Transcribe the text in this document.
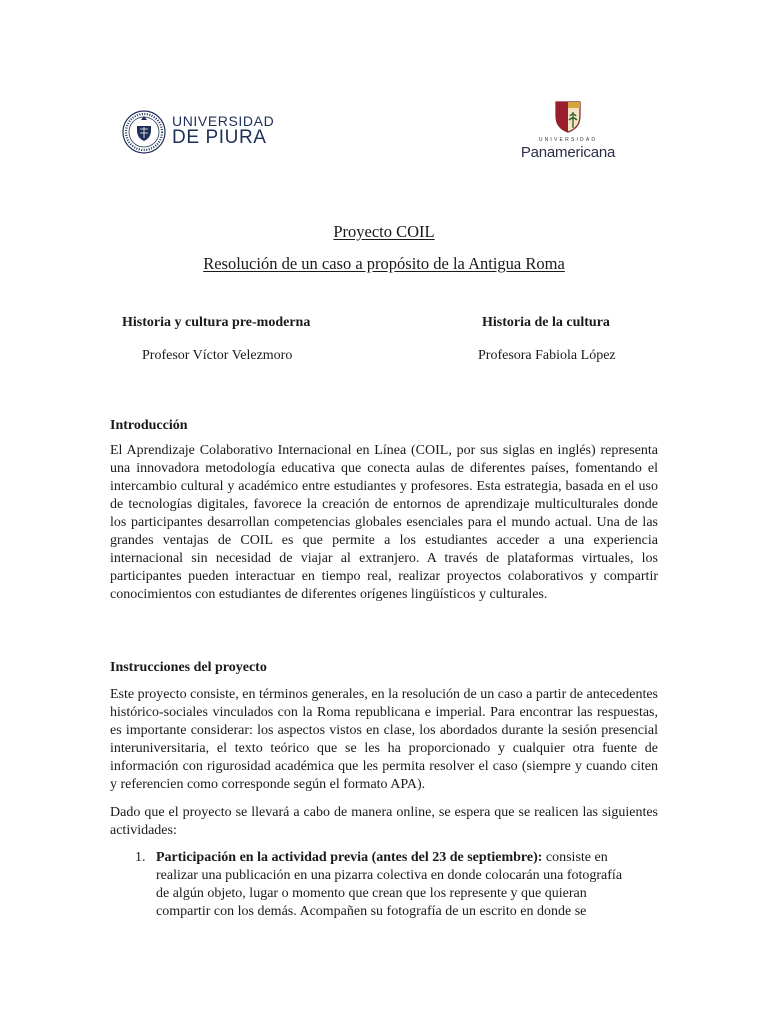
UNIVERSIDAD
DE PIURA	UNIVERSIDAD
Panamericana
Proyecto COIL
Resolución de un caso a propósito de la Antigua Roma
Historia y cultura pre-moderna
Profesor Víctor Velezmoro
Historia de la cultura
Profesora Fabiola López
Introducción

El Aprendizaje Colaborativo Internacional en Línea (COIL, por sus siglas en inglés) representa una innovadora metodología educativa que conecta aulas de diferentes países, fomentando el intercambio cultural y académico entre estudiantes y profesores. Esta estrategia, basada en el uso de tecnologías digitales, favorece la creación de entornos de aprendizaje multiculturales donde los participantes desarrollan competencias globales esenciales para el mundo actual. Una de las grandes ventajas de COIL es que permite a los estudiantes acceder a una experiencia internacional sin necesidad de viajar al extranjero. A través de plataformas virtuales, los participantes pueden interactuar en tiempo real, realizar proyectos colaborativos y compartir conocimientos con estudiantes de diferentes orígenes lingüísticos y culturales.

Instrucciones del proyecto

Este proyecto consiste, en términos generales, en la resolución de un caso a partir de antecedentes histórico-sociales vinculados con la Roma republicana e imperial. Para encontrar las respuestas, es importante considerar: los aspectos vistos en clase, los abordados durante la sesión presencial interuniversitaria, el texto teórico que se les ha proporcionado y cualquier otra fuente de información con rigurosidad académica que les permita resolver el caso (siempre y cuando citen y referencien como corresponde según el formato APA).

Dado que el proyecto se llevará a cabo de manera online, se espera que se realicen las siguientes actividades:

1. Participación en la actividad previa (antes del 23 de septiembre): consiste en realizar una publicación en una pizarra colectiva en donde colocarán una fotografía de algún objeto, lugar o momento que crean que los represente y que quieran compartir con los demás. Acompañen su fotografía de un escrito en donde se
